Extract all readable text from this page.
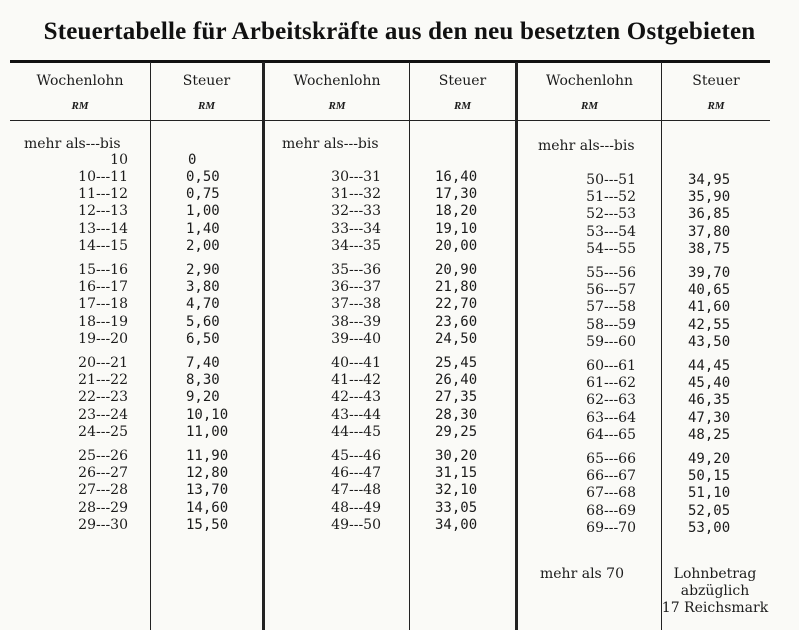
Steuertabelle für Arbeitskräfte aus den neu besetzten Ostgebieten
Wochenlohn	Steuer	Wochenlohn	Steuer	Wochenlohn	Steuer
RM	RM	RM	RM	RM	RM
mehr als---bis	mehr als---bis	mehr als---bis
10	0
10---11	0,50
11---12	0,75
12---13	1,00
13---14	1,40
14---15	2,00
15---16	2,90
16---17	3,80
17---18	4,70
18---19	5,60
19---20	6,50
20---21	7,40
21---22	8,30
22---23	9,20
23---24	10,10
24---25	11,00
25---26	11,90
26---27	12,80
27---28	13,70
28---29	14,60
29---30	15,50
30---31	16,40
31---32	17,30
32---33	18,20
33---34	19,10
34---35	20,00
35---36	20,90
36---37	21,80
37---38	22,70
38---39	23,60
39---40	24,50
40---41	25,45
41---42	26,40
42---43	27,35
43---44	28,30
44---45	29,25
45---46	30,20
46---47	31,15
47---48	32,10
48---49	33,05
49---50	34,00
50---51	34,95
51---52	35,90
52---53	36,85
53---54	37,80
54---55	38,75
55---56	39,70
56---57	40,65
57---58	41,60
58---59	42,55
59---60	43,50
60---61	44,45
61---62	45,40
62---63	46,35
63---64	47,30
64---65	48,25
65---66	49,20
66---67	50,15
67---68	51,10
68---69	52,05
69---70	53,00
mehr als 70	Lohnbetrag
abzüglich
17 Reichsmark
